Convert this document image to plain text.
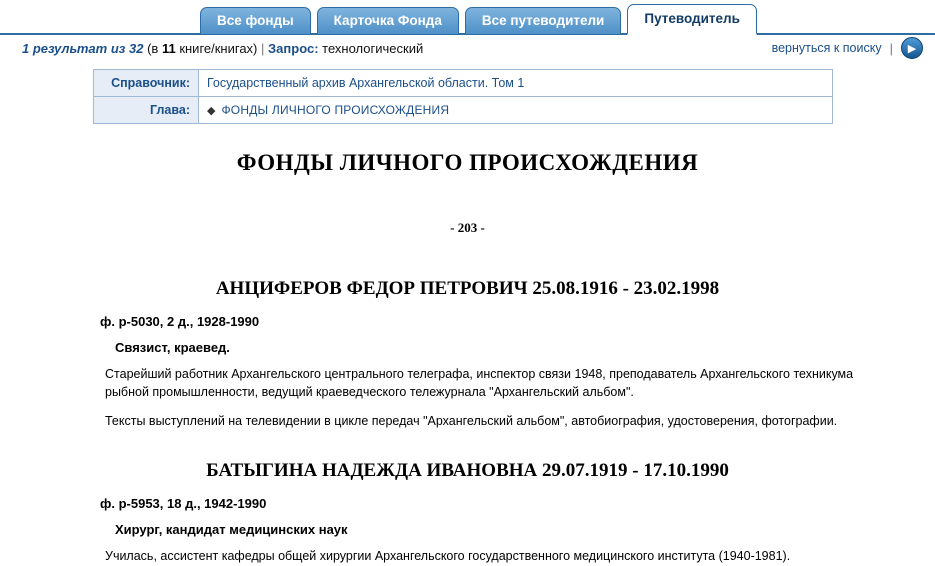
Все фонды	Карточка Фонда	Все путеводители	Путеводитель
1 результат из 32 (в 11 книге/книгах) | Запрос: технологический	вернуться к поиску |	▶
Справочник:	Государственный архив Архангельской области. Том 1
Глава:	◆ ФОНДЫ ЛИЧНОГО ПРОИСХОЖДЕНИЯ
ФОНДЫ ЛИЧНОГО ПРОИСХОЖДЕНИЯ
- 203 -
АНЦИФЕРОВ ФЕДОР ПЕТРОВИЧ 25.08.1916 - 23.02.1998
ф. р-5030, 2 д., 1928-1990
Связист, краевед.
Старейший работник Архангельского центрального телеграфа, инспектор связи 1948, преподаватель Архангельского техникума рыбной промышленности, ведущий краеведческого тележурнала "Архангельский альбом".
Тексты выступлений на телевидении в цикле передач "Архангельский альбом", автобиография, удостоверения, фотографии.
БАТЫГИНА НАДЕЖДА ИВАНОВНА 29.07.1919 - 17.10.1990
ф. р-5953, 18 д., 1942-1990
Хирург, кандидат медицинских наук
Училась, ассистент кафедры общей хирургии Архангельского государственного медицинского института (1940-1981).
